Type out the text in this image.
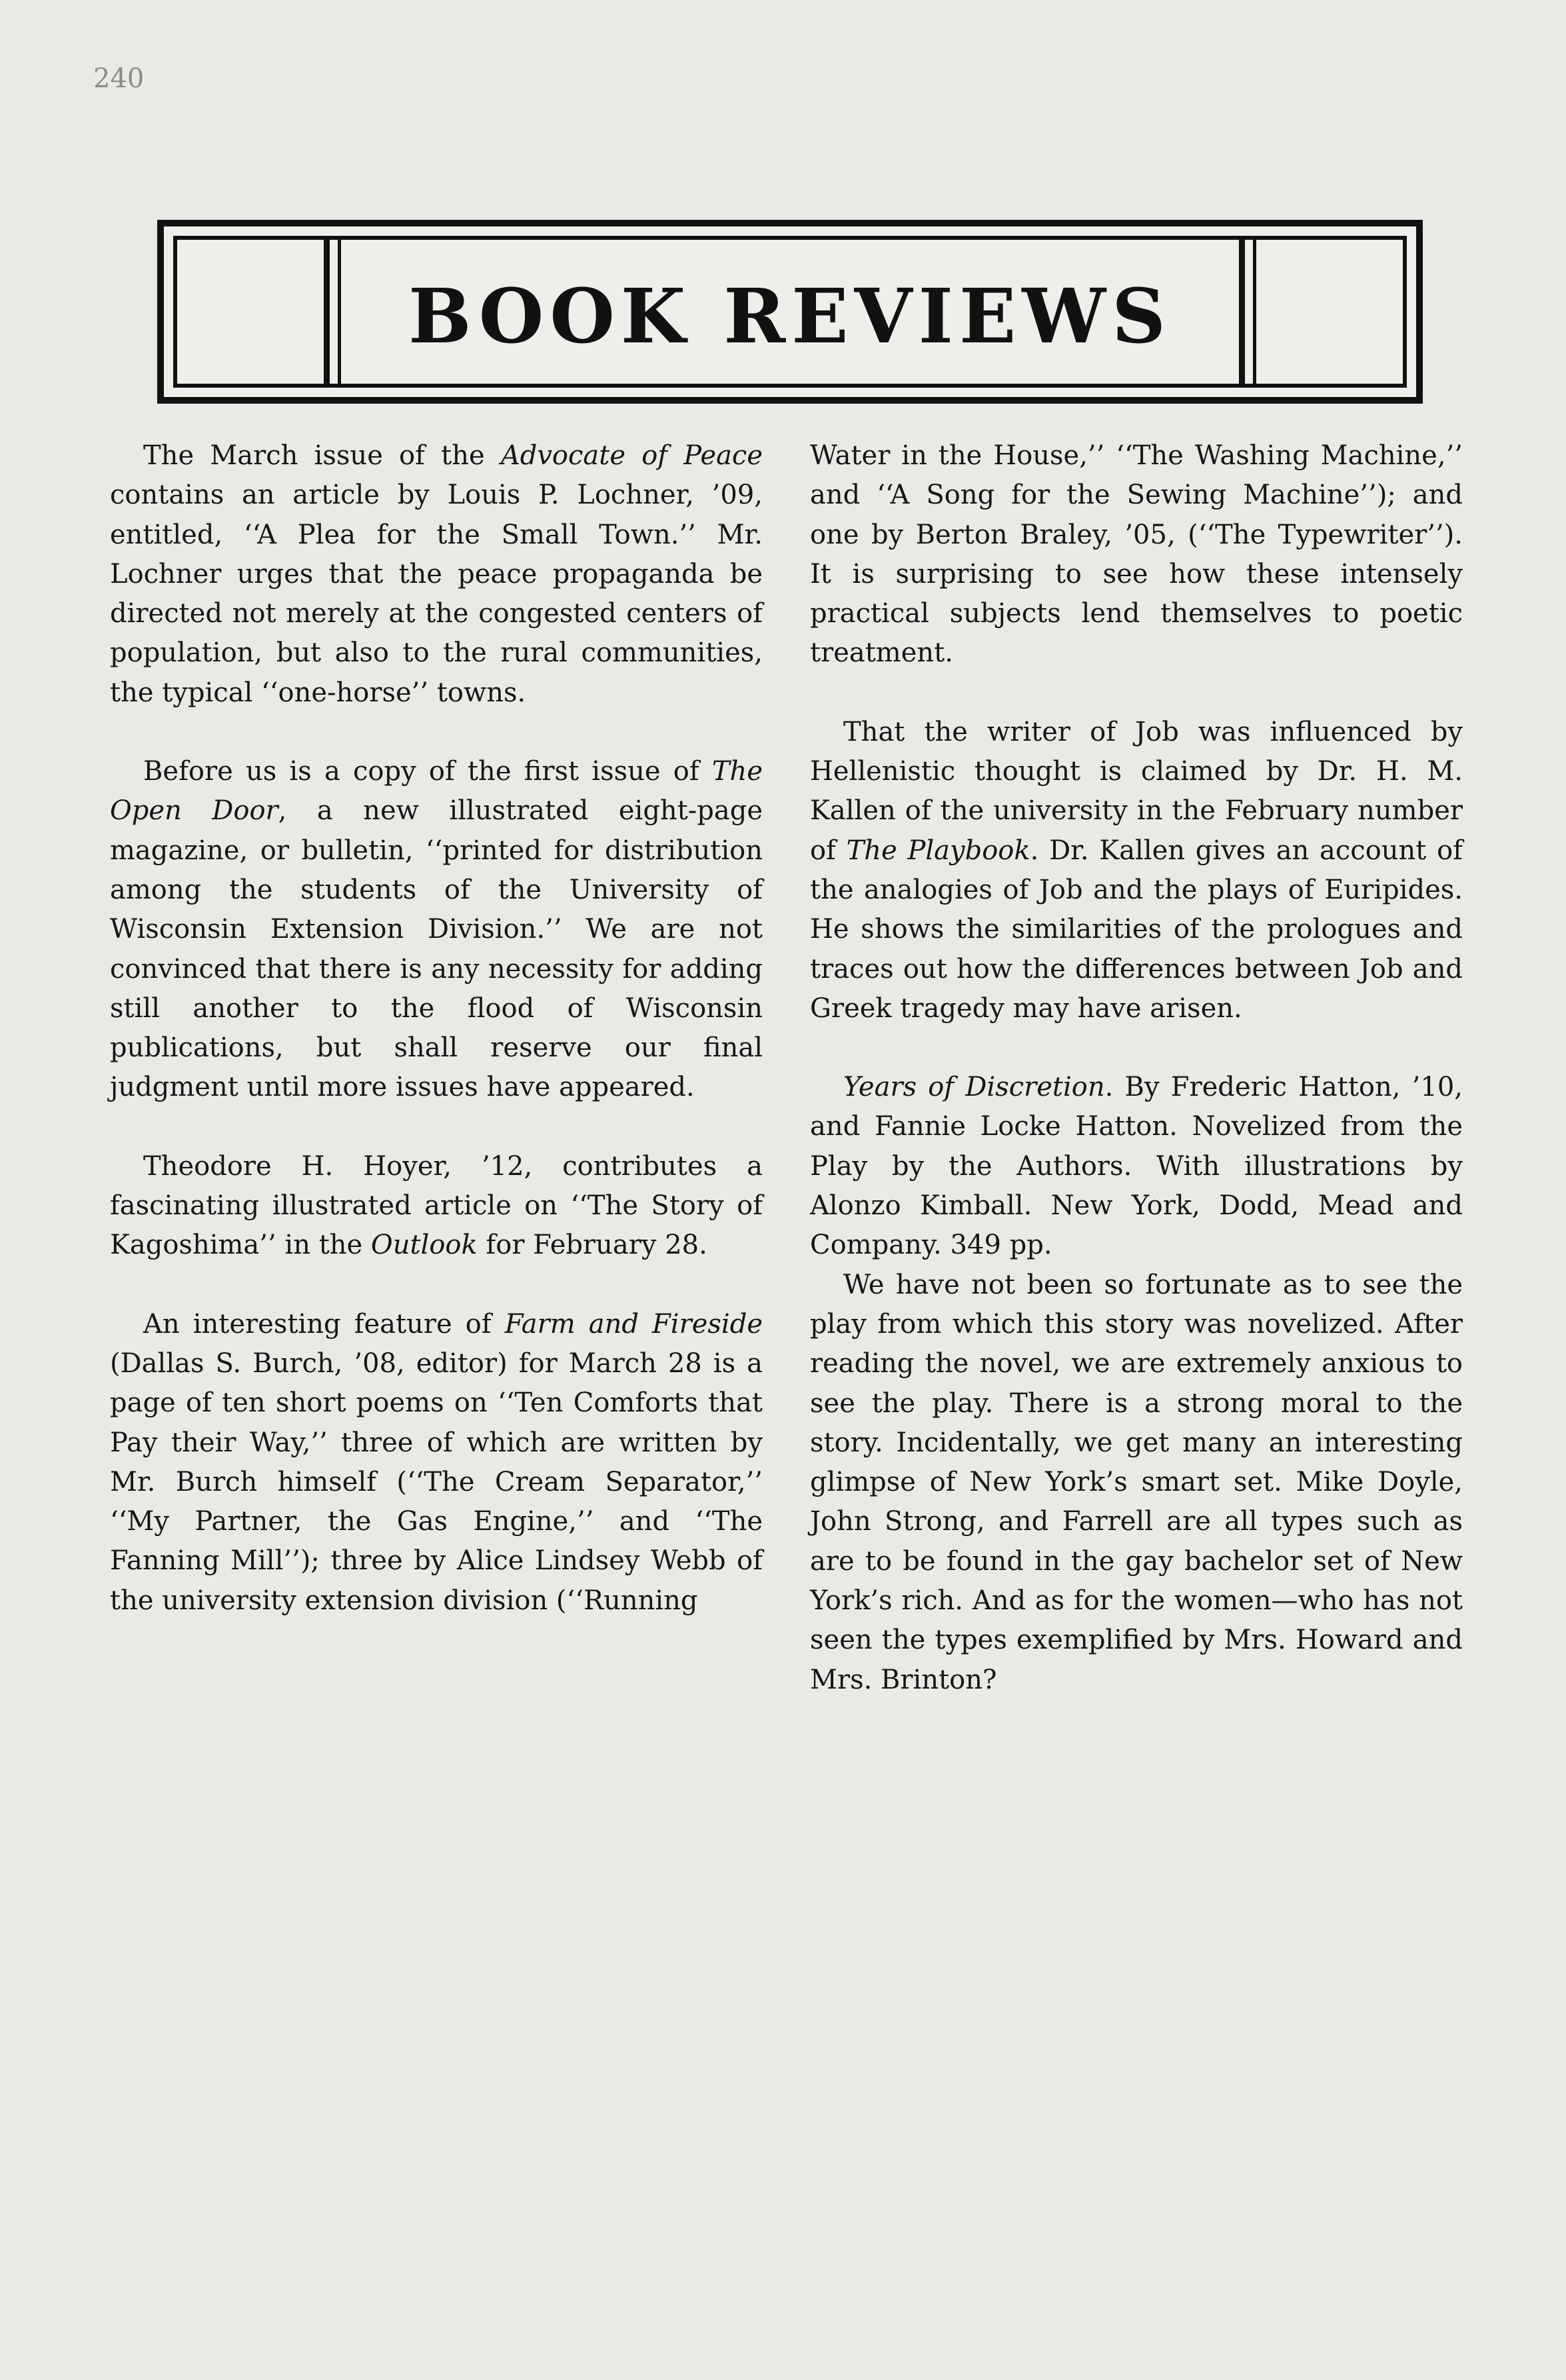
240
BOOK REVIEWS

The March issue of the Advocate of Peace contains an article by Louis P. Lochner, ’09, entitled, ‘‘A Plea for the Small Town.’’ Mr. Lochner urges that the peace propaganda be directed not merely at the congested centers of population, but also to the rural communities, the typical ‘‘one-horse’’ towns.

Before us is a copy of the first issue of The Open Door, a new illustrated eight-page magazine, or bulletin, ‘‘printed for distribution among the students of the University of Wisconsin Extension Division.’’ We are not convinced that there is any necessity for adding still another to the flood of Wisconsin publications, but shall reserve our final judgment until more issues have appeared.

Theodore H. Hoyer, ’12, contributes a fascinating illustrated article on ‘‘The Story of Kagoshima’’ in the Outlook for February 28.

An interesting feature of Farm and Fireside (Dallas S. Burch, ’08, editor) for March 28 is a page of ten short poems on ‘‘Ten Comforts that Pay their Way,’’ three of which are written by Mr. Burch himself (‘‘The Cream Separator,’’ ‘‘My Partner, the Gas Engine,’’ and ‘‘The Fanning Mill’’); three by Alice Lindsey Webb of the university extension division (‘‘Running

Water in the House,’’ ‘‘The Washing Machine,’’ and ‘‘A Song for the Sewing Machine’’); and one by Berton Braley, ’05, (‘‘The Typewriter’’). It is surprising to see how these intensely practical subjects lend themselves to poetic treatment.

That the writer of Job was influenced by Hellenistic thought is claimed by Dr. H. M. Kallen of the university in the February number of The Playbook. Dr. Kallen gives an account of the analogies of Job and the plays of Euripides. He shows the similarities of the prologues and traces out how the differences between Job and Greek tragedy may have arisen.

Years of Discretion. By Frederic Hatton, ’10, and Fannie Locke Hatton. Novelized from the Play by the Authors. With illustrations by Alonzo Kimball. New York, Dodd, Mead and Company. 349 pp.

We have not been so fortunate as to see the play from which this story was novelized. After reading the novel, we are extremely anxious to see the play. There is a strong moral to the story. Incidentally, we get many an interesting glimpse of New York’s smart set. Mike Doyle, John Strong, and Farrell are all types such as are to be found in the gay bachelor set of New York’s rich. And as for the women—who has not seen the types exemplified by Mrs. Howard and Mrs. Brinton?
